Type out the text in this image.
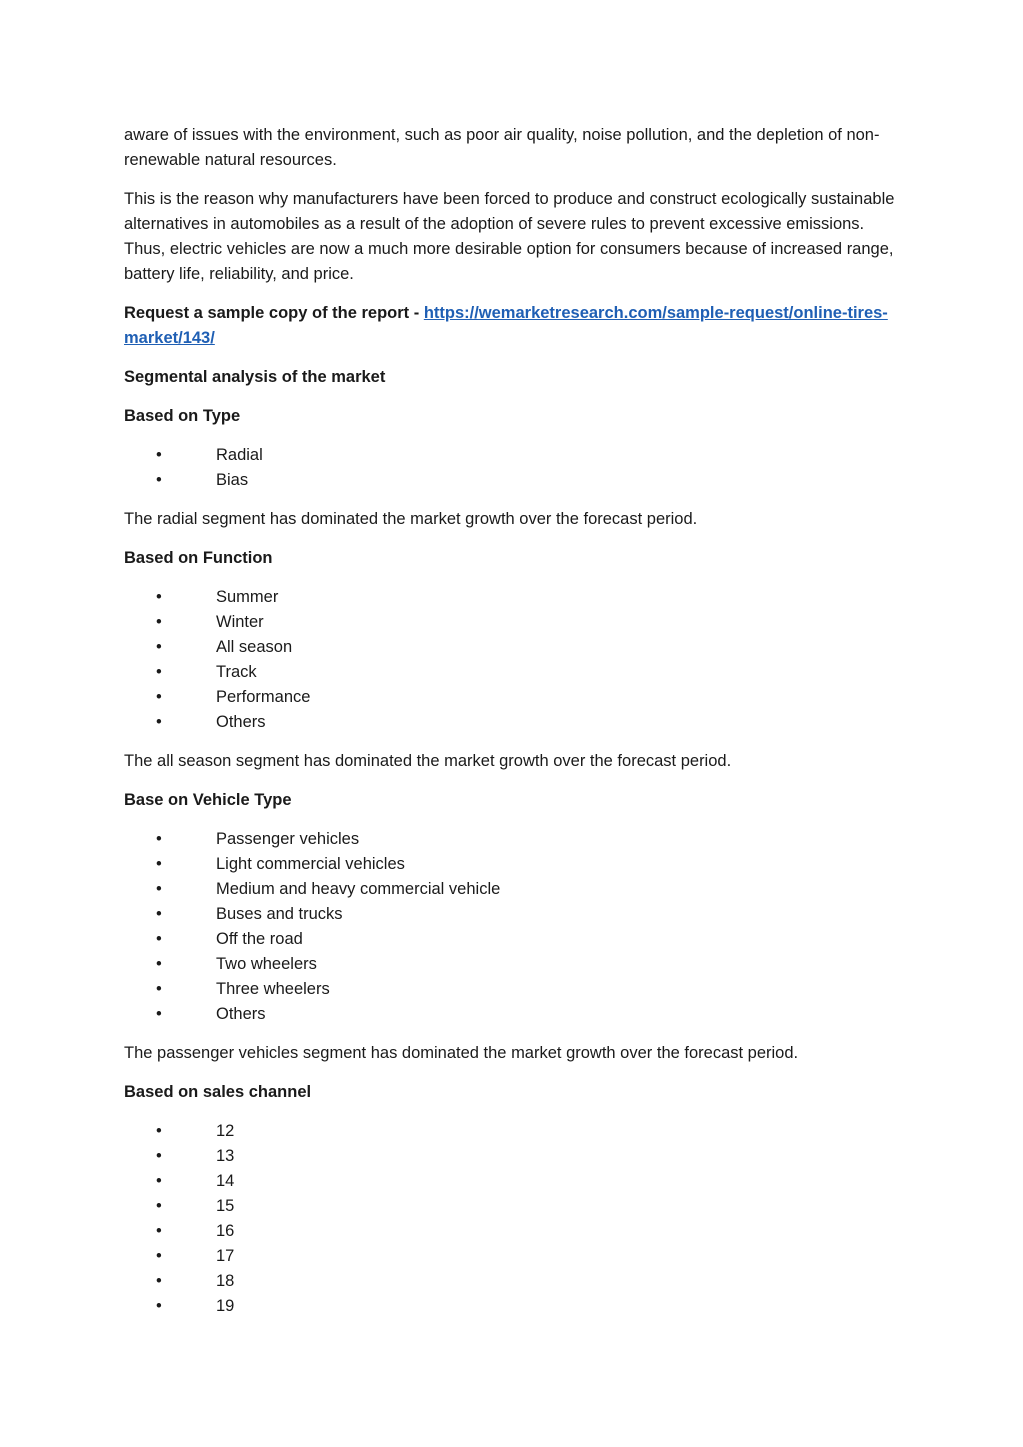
aware of issues with the environment, such as poor air quality, noise pollution, and the depletion of non-renewable natural resources.

This is the reason why manufacturers have been forced to produce and construct ecologically sustainable alternatives in automobiles as a result of the adoption of severe rules to prevent excessive emissions. Thus, electric vehicles are now a much more desirable option for consumers because of increased range, battery life, reliability, and price.

Request a sample copy of the report - https://wemarketresearch.com/sample-request/online-tires-market/143/

Segmental analysis of the market
Based on Type
•	Radial
•	Bias

The radial segment has dominated the market growth over the forecast period.

Based on Function
•	Summer
•	Winter
•	All season
•	Track
•	Performance
•	Others

The all season segment has dominated the market growth over the forecast period.

Base on Vehicle Type
•	Passenger vehicles
•	Light commercial vehicles
•	Medium and heavy commercial vehicle
•	Buses and trucks
•	Off the road
•	Two wheelers
•	Three wheelers
•	Others

The passenger vehicles segment has dominated the market growth over the forecast period.

Based on sales channel
•	12
•	13
•	14
•	15
•	16
•	17
•	18
•	19
